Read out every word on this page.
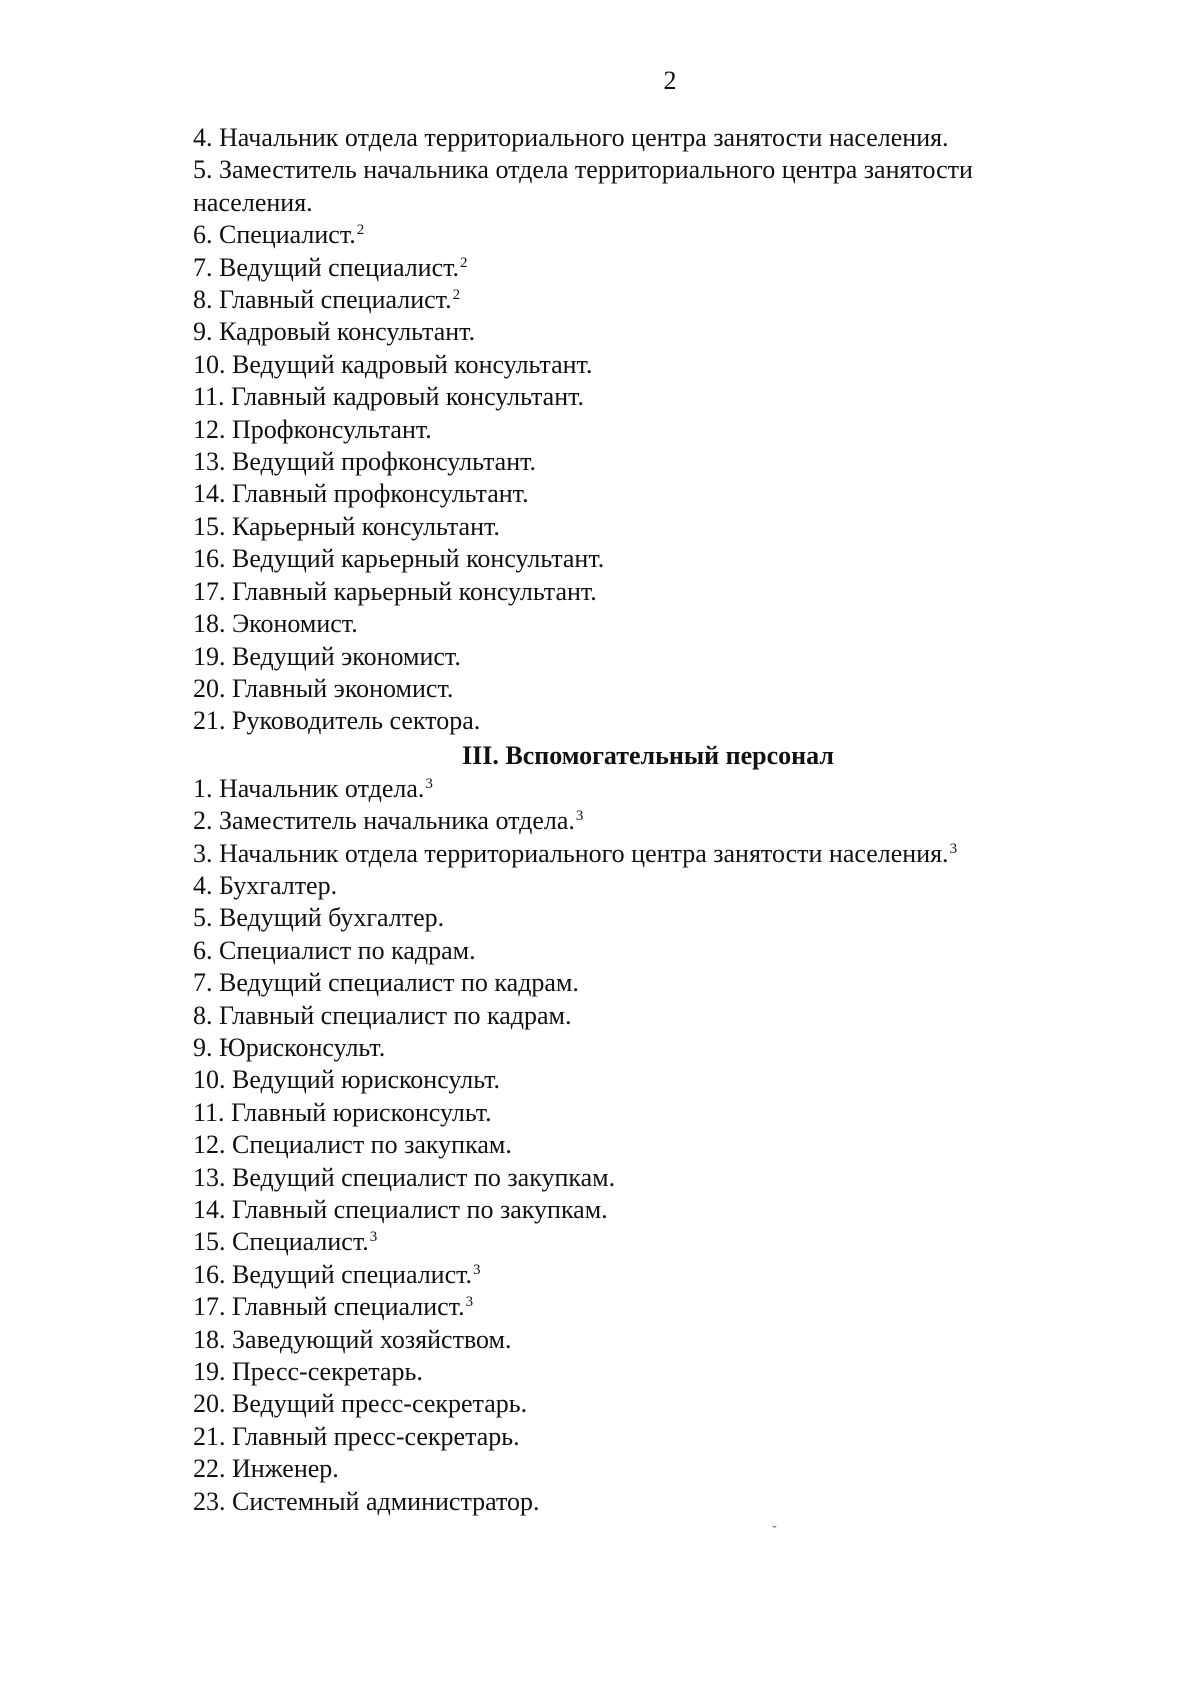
2
4. Начальник отдела территориального центра занятости населения.
5. Заместитель начальника отдела территориального центра занятости населения.
6. Специалист.$^2$
7. Ведущий специалист.$^2$
8. Главный специалист.$^2$
9. Кадровый консультант.
10. Ведущий кадровый консультант.
11. Главный кадровый консультант.
12. Профконсультант.
13. Ведущий профконсультант.
14. Главный профконсультант.
15. Карьерный консультант.
16. Ведущий карьерный консультант.
17. Главный карьерный консультант.
18. Экономист.
19. Ведущий экономист.
20. Главный экономист.
21. Руководитель сектора.
III. Вспомогательный персонал
1. Начальник отдела.$^3$
2. Заместитель начальника отдела.$^3$
3. Начальник отдела территориального центра занятости населения.$^3$
4. Бухгалтер.
5. Ведущий бухгалтер.
6. Специалист по кадрам.
7. Ведущий специалист по кадрам.
8. Главный специалист по кадрам.
9. Юрисконсульт.
10. Ведущий юрисконсульт.
11. Главный юрисконсульт.
12. Специалист по закупкам.
13. Ведущий специалист по закупкам.
14. Главный специалист по закупкам.
15. Специалист.$^3$
16. Ведущий специалист.$^3$
17. Главный специалист.$^3$
18. Заведующий хозяйством.
19. Пресс-секретарь.
20. Ведущий пресс-секретарь.
21. Главный пресс-секретарь.
22. Инженер.
23. Системный администратор.
ˇ
